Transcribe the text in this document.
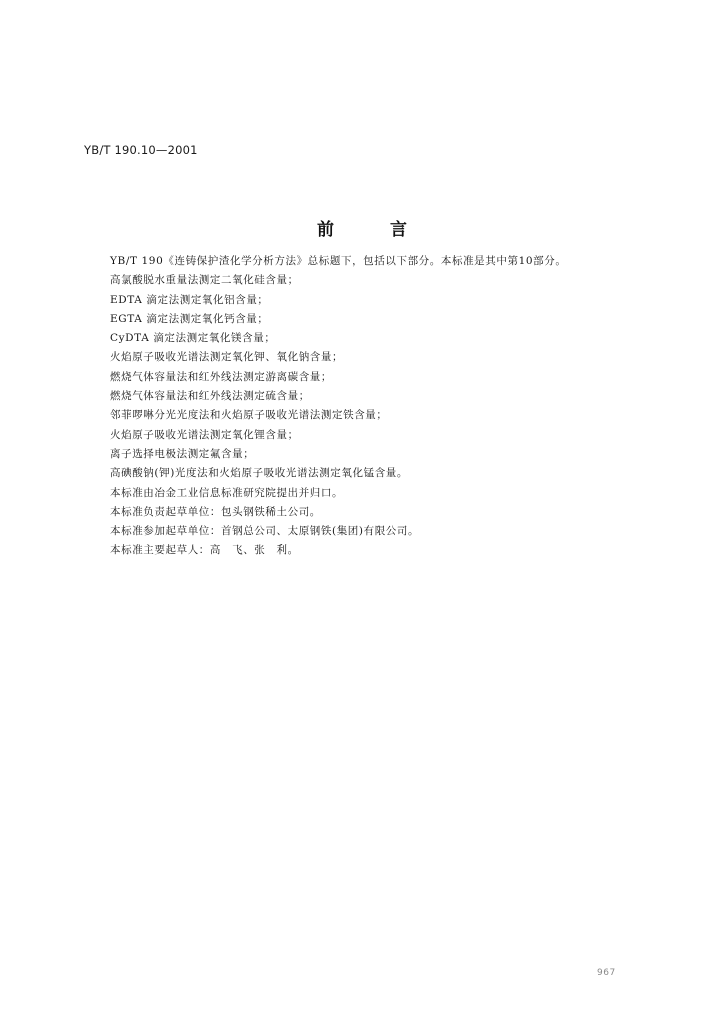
YB/T 190.10—2001
前言
YB/T 190《连铸保护渣化学分析方法》总标题下，包括以下部分。本标准是其中第10部分。
高氯酸脱水重量法测定二氧化硅含量；
EDTA 滴定法测定氧化铝含量；
EGTA 滴定法测定氧化钙含量；
CyDTA 滴定法测定氧化镁含量；
火焰原子吸收光谱法测定氧化钾、氧化钠含量；
燃烧气体容量法和红外线法测定游离碳含量；
燃烧气体容量法和红外线法测定硫含量；
邻菲啰啉分光光度法和火焰原子吸收光谱法测定铁含量；
火焰原子吸收光谱法测定氧化锂含量；
离子选择电极法测定氟含量；
高碘酸钠(钾)光度法和火焰原子吸收光谱法测定氧化锰含量。
本标准由冶金工业信息标准研究院提出并归口。
本标准负责起草单位：包头钢铁稀土公司。
本标准参加起草单位：首钢总公司、太原钢铁(集团)有限公司。
本标准主要起草人：高　飞、张　利。
967
